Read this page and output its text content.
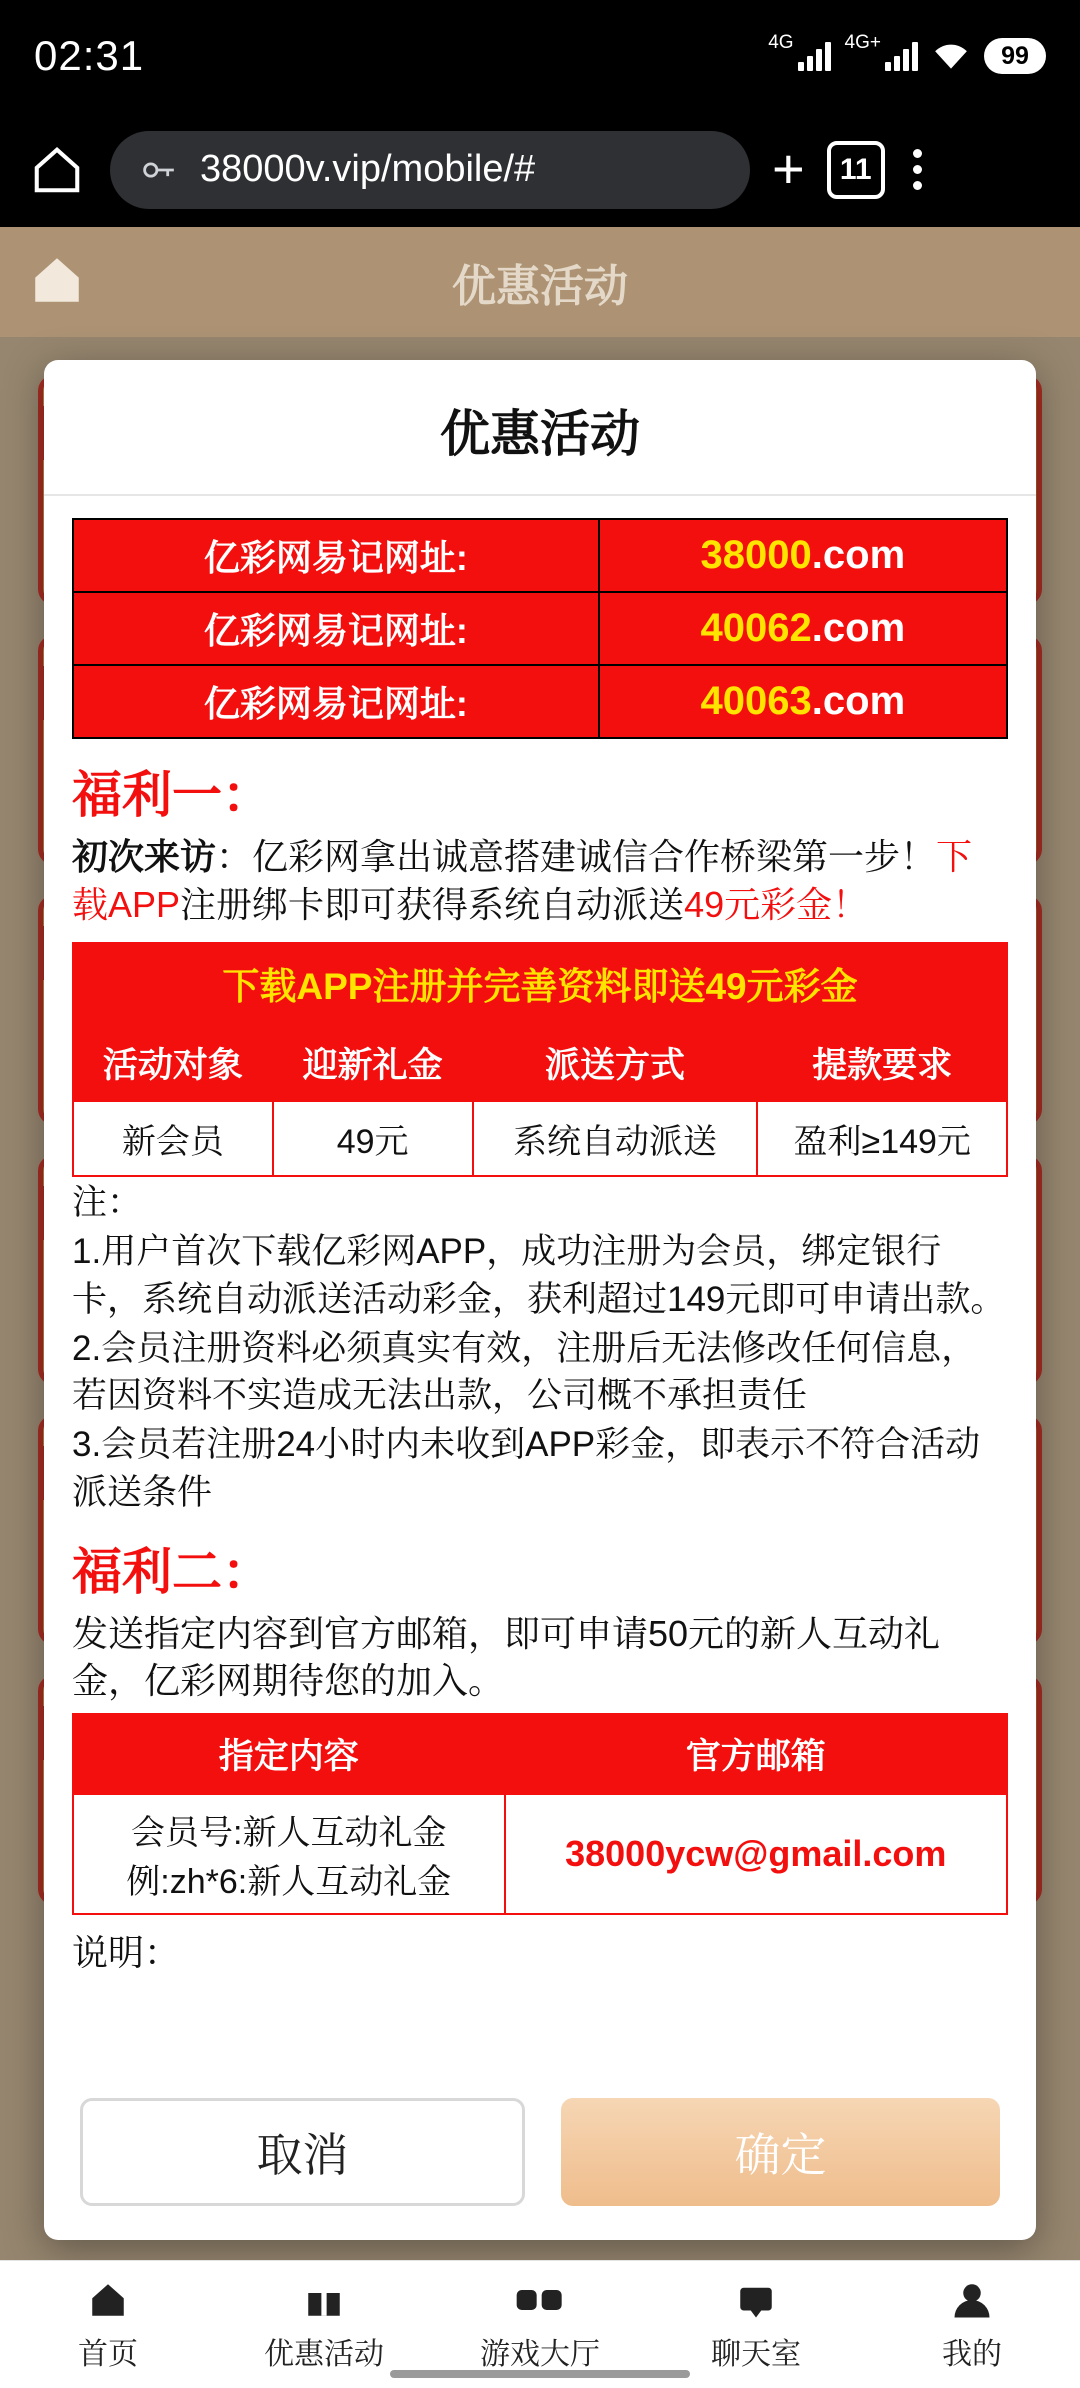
02:31	4G	4G+	99
38000v.vip/mobile/#	+	11
优惠活动
优惠活动
亿彩网易记网址:	38000.com
亿彩网易记网址:	40062.com
亿彩网易记网址:	40063.com
福利一：

初次来访：亿彩网拿出诚意搭建诚信合作桥梁第一步！下载APP注册绑卡即可获得系统自动派送49元彩金！

下载APP注册并完善资料即送49元彩金
活动对象	迎新礼金	派送方式	提款要求
新会员	49元	系统自动派送	盈利≥149元
注：
1.用户首次下载亿彩网APP，成功注册为会员，绑定银行卡，系统自动派送活动彩金，获利超过149元即可申请出款。
2.会员注册资料必须真实有效，注册后无法修改任何信息，若因资料不实造成无法出款，公司概不承担责任
3.会员若注册24小时内未收到APP彩金，即表示不符合活动派送条件
福利二：

发送指定内容到官方邮箱，即可申请50元的新人互动礼金，亿彩网期待您的加入。

指定内容	官方邮箱

会员号:新人互动礼金
例:zh*6:新人互动礼金	38000ycw@gmail.com
说明：
取消	确定
首页	优惠活动	游戏大厅	聊天室	我的
